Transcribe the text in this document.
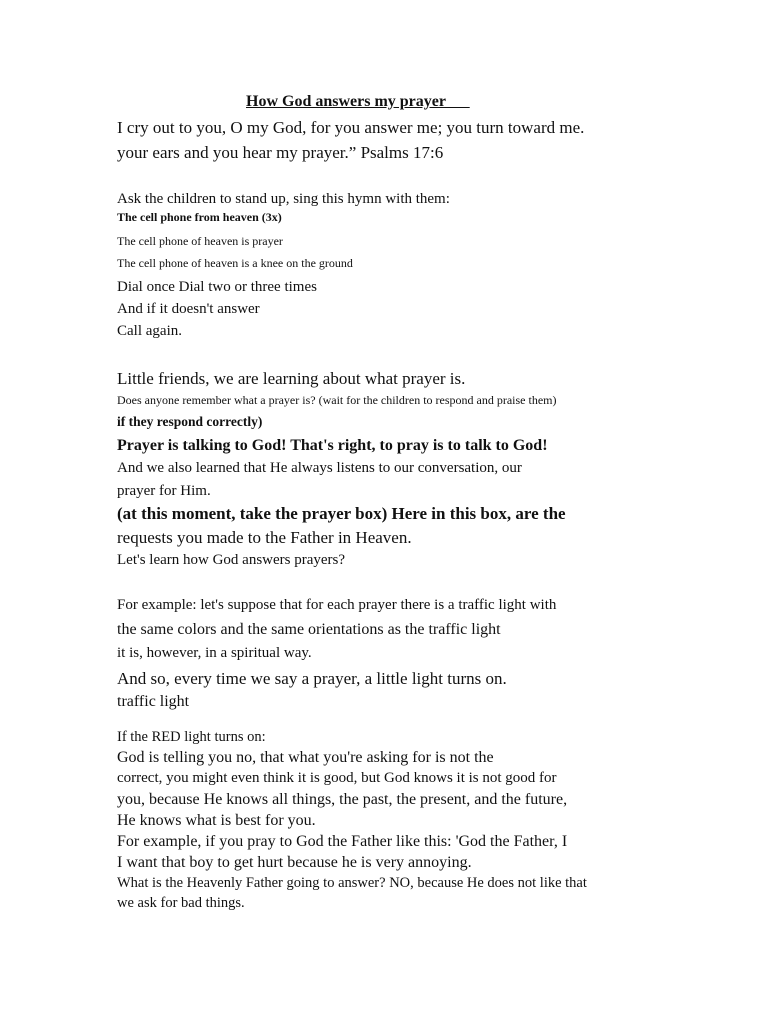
How God answers my prayer
I cry out to you, O my God, for you answer me; you turn toward me.
your ears and you hear my prayer.” Psalms 17:6
Ask the children to stand up, sing this hymn with them:
The cell phone from heaven (3x)
The cell phone of heaven is prayer
The cell phone of heaven is a knee on the ground
Dial once Dial two or three times
And if it doesn't answer
Call again.
Little friends, we are learning about what prayer is.
Does anyone remember what a prayer is? (wait for the children to respond and praise them)
if they respond correctly)
Prayer is talking to God! That's right, to pray is to talk to God!
And we also learned that He always listens to our conversation, our
prayer for Him.
(at this moment, take the prayer box) Here in this box, are the
requests you made to the Father in Heaven.
Let's learn how God answers prayers?
For example: let's suppose that for each prayer there is a traffic light with
the same colors and the same orientations as the traffic light
it is, however, in a spiritual way.
And so, every time we say a prayer, a little light turns on.
traffic light
If the RED light turns on:
God is telling you no, that what you're asking for is not the
correct, you might even think it is good, but God knows it is not good for
you, because He knows all things, the past, the present, and the future,
He knows what is best for you.
For example, if you pray to God the Father like this: 'God the Father, I
I want that boy to get hurt because he is very annoying.
What is the Heavenly Father going to answer? NO, because He does not like that
we ask for bad things.
